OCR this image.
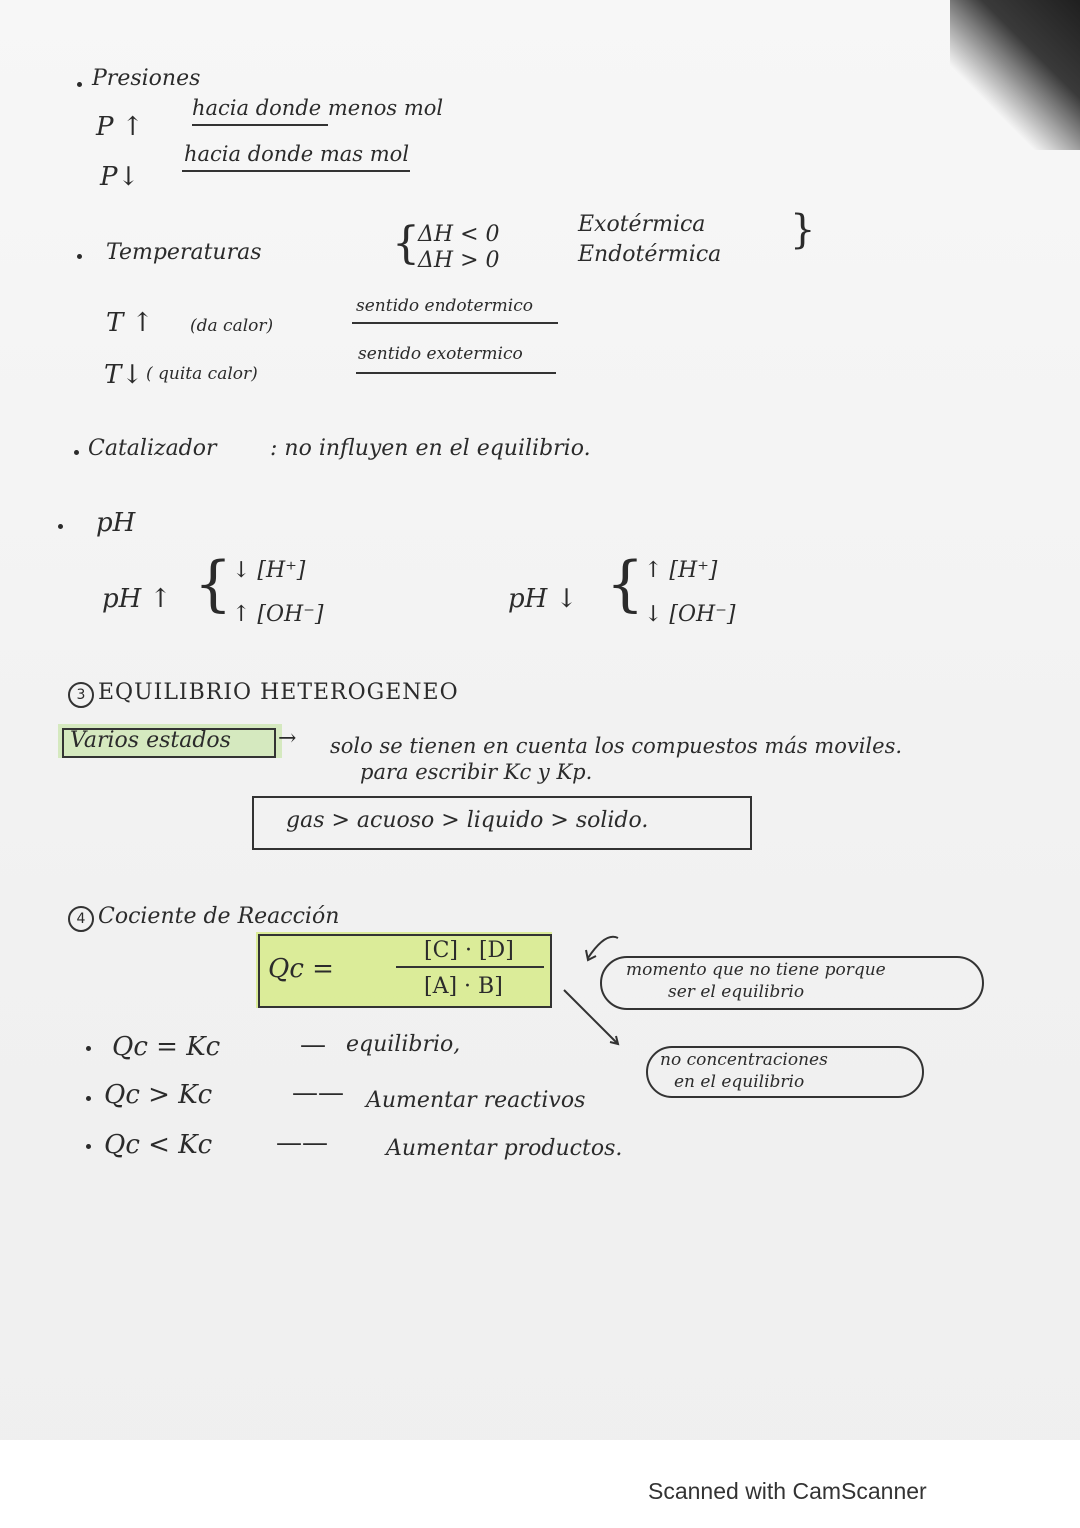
Presiones
P ↑
hacia donde menos mol
P↓
hacia donde mas mol
Temperaturas	{
ΔH < 0
ΔH > 0
Exotérmica
Endotérmica
}
T ↑ (da calor)
sentido endotermico
T↓ ( quita calor)
sentido exotermico
Catalizador : no influyen en el equilibrio.
pH
pH ↑ { ↓ [H⁺]
↑ [OH⁻]
pH ↓ { ↑ [H⁺]
↓ [OH⁻]
3 EQUILIBRIO HETEROGENEO
Varios estados → solo se tienen en cuenta los compuestos más moviles.
para escribir Kc y Kp.
gas > acuoso > liquido > solido.
4 Cociente de Reacción
Qc =
[C] · [D]
[A] · B]
momento que no tiene porque
ser el equilibrio
no concentraciones
en el equilibrio
Qc = Kc	— equilibrio,
Qc > Kc	—— Aumentar reactivos
Qc < Kc ——	Aumentar productos.
Scanned with CamScanner
